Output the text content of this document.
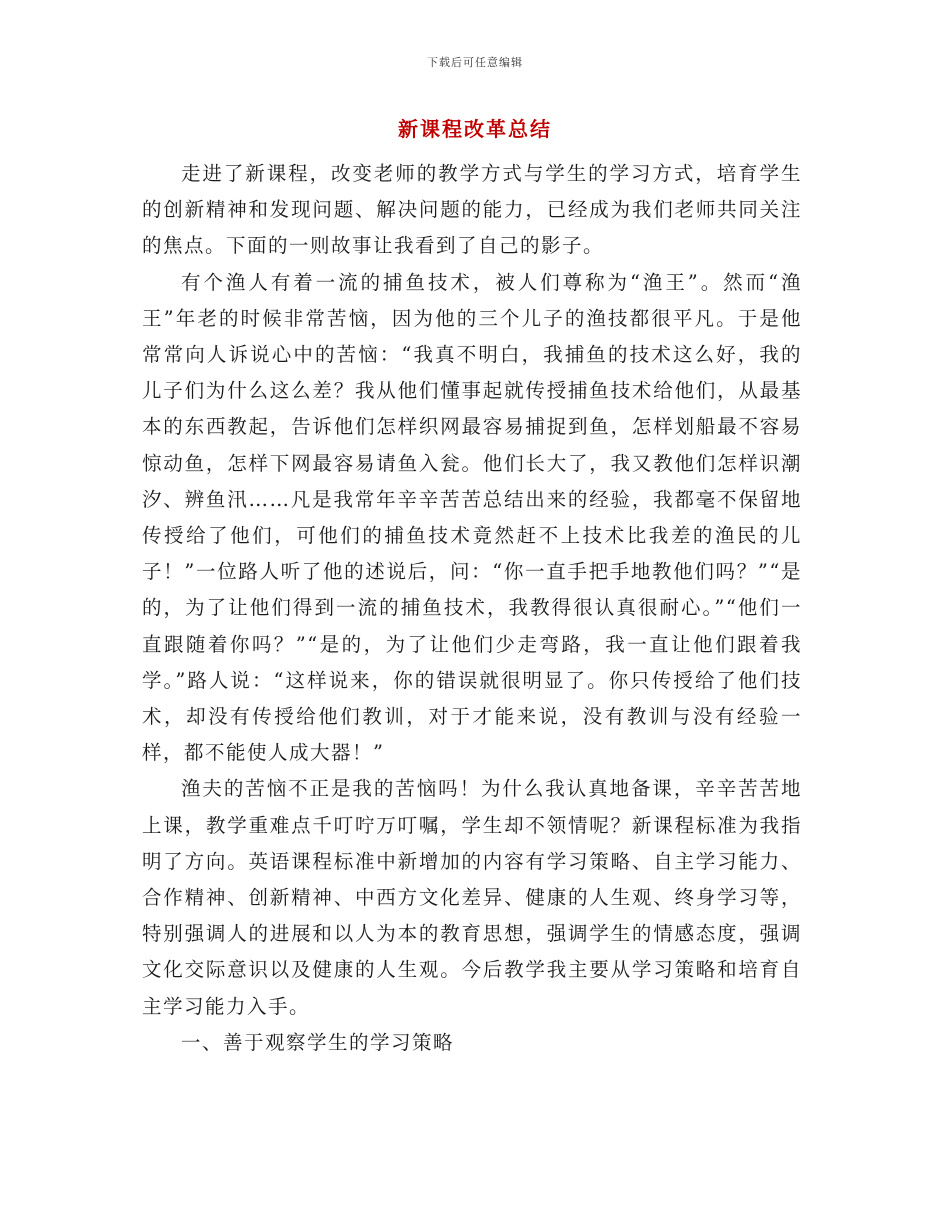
下载后可任意编辑
新课程改革总结

走进了新课程，改变老师的教学方式与学生的学习方式，培育学生的创新精神和发现问题、解决问题的能力，已经成为我们老师共同关注的焦点。下面的一则故事让我看到了自己的影子。

有个渔人有着一流的捕鱼技术，被人们尊称为“渔王”。然而“渔王”年老的时候非常苦恼，因为他的三个儿子的渔技都很平凡。于是他常常向人诉说心中的苦恼：“我真不明白，我捕鱼的技术这么好，我的儿子们为什么这么差？我从他们懂事起就传授捕鱼技术给他们，从最基本的东西教起，告诉他们怎样织网最容易捕捉到鱼，怎样划船最不容易惊动鱼，怎样下网最容易请鱼入瓮。他们长大了，我又教他们怎样识潮汐、辨鱼汛……凡是我常年辛辛苦苦总结出来的经验，我都毫不保留地传授给了他们，可他们的捕鱼技术竟然赶不上技术比我差的渔民的儿子！”一位路人听了他的述说后，问：“你一直手把手地教他们吗？”“是的，为了让他们得到一流的捕鱼技术，我教得很认真很耐心。”“他们一直跟随着你吗？”“是的，为了让他们少走弯路，我一直让他们跟着我学。”路人说：“这样说来，你的错误就很明显了。你只传授给了他们技术，却没有传授给他们教训，对于才能来说，没有教训与没有经验一样，都不能使人成大器！”

渔夫的苦恼不正是我的苦恼吗！为什么我认真地备课，辛辛苦苦地上课，教学重难点千叮咛万叮嘱，学生却不领情呢？新课程标准为我指明了方向。英语课程标准中新增加的内容有学习策略、自主学习能力、合作精神、创新精神、中西方文化差异、健康的人生观、终身学习等，特别强调人的进展和以人为本的教育思想，强调学生的情感态度，强调文化交际意识以及健康的人生观。今后教学我主要从学习策略和培育自主学习能力入手。

一、善于观察学生的学习策略
